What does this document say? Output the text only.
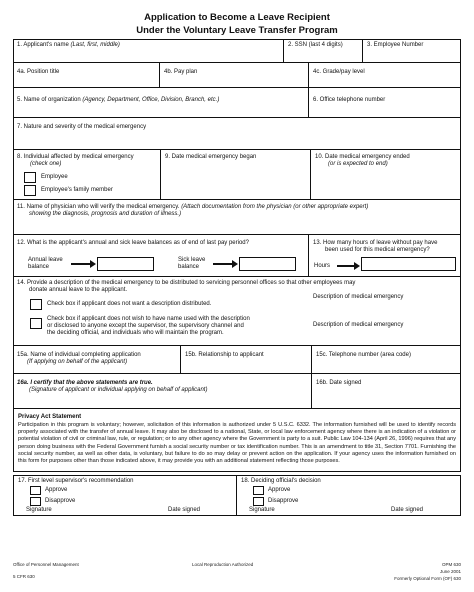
Application to Become a Leave Recipient
Under the Voluntary Leave Transfer Program
1. Applicant's name (Last, first, middle)	2. SSN (last 4 digits)	3. Employee Number
4a. Position title	4b. Pay plan	4c. Grade/pay level
5. Name of organization (Agency, Department, Office, Division, Branch, etc.)	6. Office telephone number
7. Nature and severity of the medical emergency
8. Individual affected by medical emergency
(check one)
Employee
Employee's family member
9. Date medical emergency began	10. Date medical emergency ended
(or is expected to end)
11. Name of physician who will verify the medical emergency. (Attach documentation from the physician (or other appropriate expert)
showing the diagnosis, prognosis and duration of illness.)
12. What is the applicant's annual and sick leave balances as of end of last pay period?
Annual leave
balance
Sick leave
balance
13. How many hours of leave without pay have
been used for this medical emergency?
Hours
14. Provide a description of the medical emergency to be distributed to servicing personnel offices so that other employees may
donate annual leave to the applicant.
Check box if applicant does not want a description distributed.
Check box if applicant does not wish to have name used with the description
or disclosed to anyone except the supervisor, the supervisory channel and
the deciding official, and individuals who will maintain the program.
Description of medical emergency
Description of medical emergency
15a. Name of individual completing application
(If applying on behalf of the applicant)
15b. Relationship to applicant	15c. Telephone number (area code)
16a. I certify that the above statements are true.
(Signature of applicant or individual applying on behalf of applicant)
16b. Date signed
Privacy Act Statement
Participation in this program is voluntary; however, solicitation of this information is authorized under 5 U.S.C. 6332. The information furnished will be used to identify records properly associated with the transfer of annual leave. It may also be disclosed to a national, State, or local law enforcement agency where there is an indication of a violation or potential violation of civil or criminal law, rule, or regulation; or to any other agency where the Government is party to a suit. Public Law 104-134 (April 26, 1996) requires that any person doing business with the Federal Government furnish a social security number or tax identification number. This is an amendment to title 31, Section 7701. Furnishing the social security number, as well as other data, is voluntary, but failure to do so may delay or prevent action on the application. If your agency uses the information furnished on this form for purposes other than those indicated above, it may provide you with an additional statement reflecting those purposes.
17. First level supervisor's recommendation
Approve
Disapprove
Signature	Date signed
18. Deciding official's decision
Approve
Disapprove
Signature	Date signed
Office of Personnel Management
5 CFR 630
Local Reproduction Authorized	OPM 630
June 2001
Formerly Optional Form (OF) 630
